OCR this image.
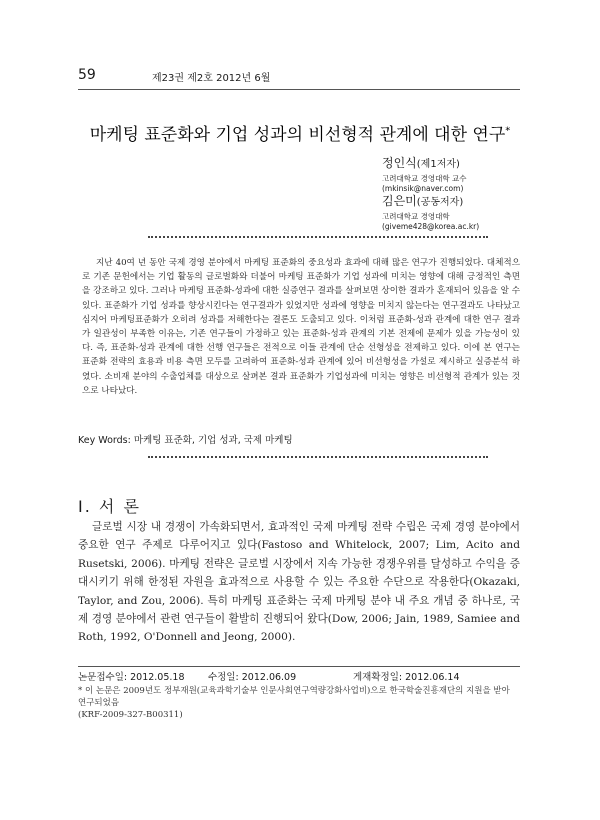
59	제23권 제2호 2012년 6월
마케팅 표준화와 기업 성과의 비선형적 관계에 대한 연구*
정인식(제1저자)
고려대학교 경영대학 교수
(mkinsik@naver.com)
김은미(공동저자)
고려대학교 경영대학
(giveme428@korea.ac.kr)
지난 40여 년 동안 국제 경영 분야에서 마케팅 표준화의 중요성과 효과에 대해 많은 연구가 진행되었다. 대체적으로 기존 문헌에서는 기업 활동의 글로벌화와 더불어 마케팅 표준화가 기업 성과에 미치는 영향에 대해 긍정적인 측면을 강조하고 있다. 그러나 마케팅 표준화-성과에 대한 실증연구 결과를 살펴보면 상이한 결과가 혼재되어 있음을 알 수 있다. 표준화가 기업 성과를 향상시킨다는 연구결과가 있었지만 성과에 영향을 미치지 않는다는 연구결과도 나타났고 심지어 마케팅표준화가 오히려 성과를 저해한다는 결론도 도출되고 있다. 이처럼 표준화-성과 관계에 대한 연구 결과가 일관성이 부족한 이유는, 기존 연구들이 가정하고 있는 표준화-성과 관계의 기본 전제에 문제가 있을 가능성이 있다. 즉, 표준화-성과 관계에 대한 선행 연구들은 전적으로 이들 관계에 단순 선형성을 전제하고 있다. 이에 본 연구는 표준화 전략의 효용과 비용 측면 모두를 고려하여 표준화-성과 관계에 있어 비선형성을 가설로 제시하고 실증분석 하였다. 소비재 분야의 수출업체를 대상으로 살펴본 결과 표준화가 기업성과에 미치는 영향은 비선형적 관계가 있는 것으로 나타났다.
Key Words: 마케팅 표준화, 기업 성과, 국제 마케팅
Ⅰ. 서 론

글로벌 시장 내 경쟁이 가속화되면서, 효과적인 국제 마케팅 전략 수립은 국제 경영 분야에서 중요한 연구 주제로 다루어지고 있다(Fastoso and Whitelock, 2007; Lim, Acito and Rusetski, 2006). 마케팅 전략은 글로벌 시장에서 지속 가능한 경쟁우위를 달성하고 수익을 증대시키기 위해 한정된 자원을 효과적으로 사용할 수 있는 주요한 수단으로 작용한다(Okazaki, Taylor, and Zou, 2006). 특히 마케팅 표준화는 국제 마케팅 분야 내 주요 개념 중 하나로, 국제 경영 분야에서 관련 연구들이 활발히 진행되어 왔다(Dow, 2006; Jain, 1989, Samiee and Roth, 1992, O'Donnell and Jeong, 2000).

논문접수일: 2012.05.18 수정일: 2012.06.09	게재확정일: 2012.06.14
* 이 논문은 2009년도 정부재원(교육과학기술부 인문사회연구역량강화사업비)으로 한국학술진흥재단의 지원을 받아 연구되었음
(KRF-2009-327-B00311)
